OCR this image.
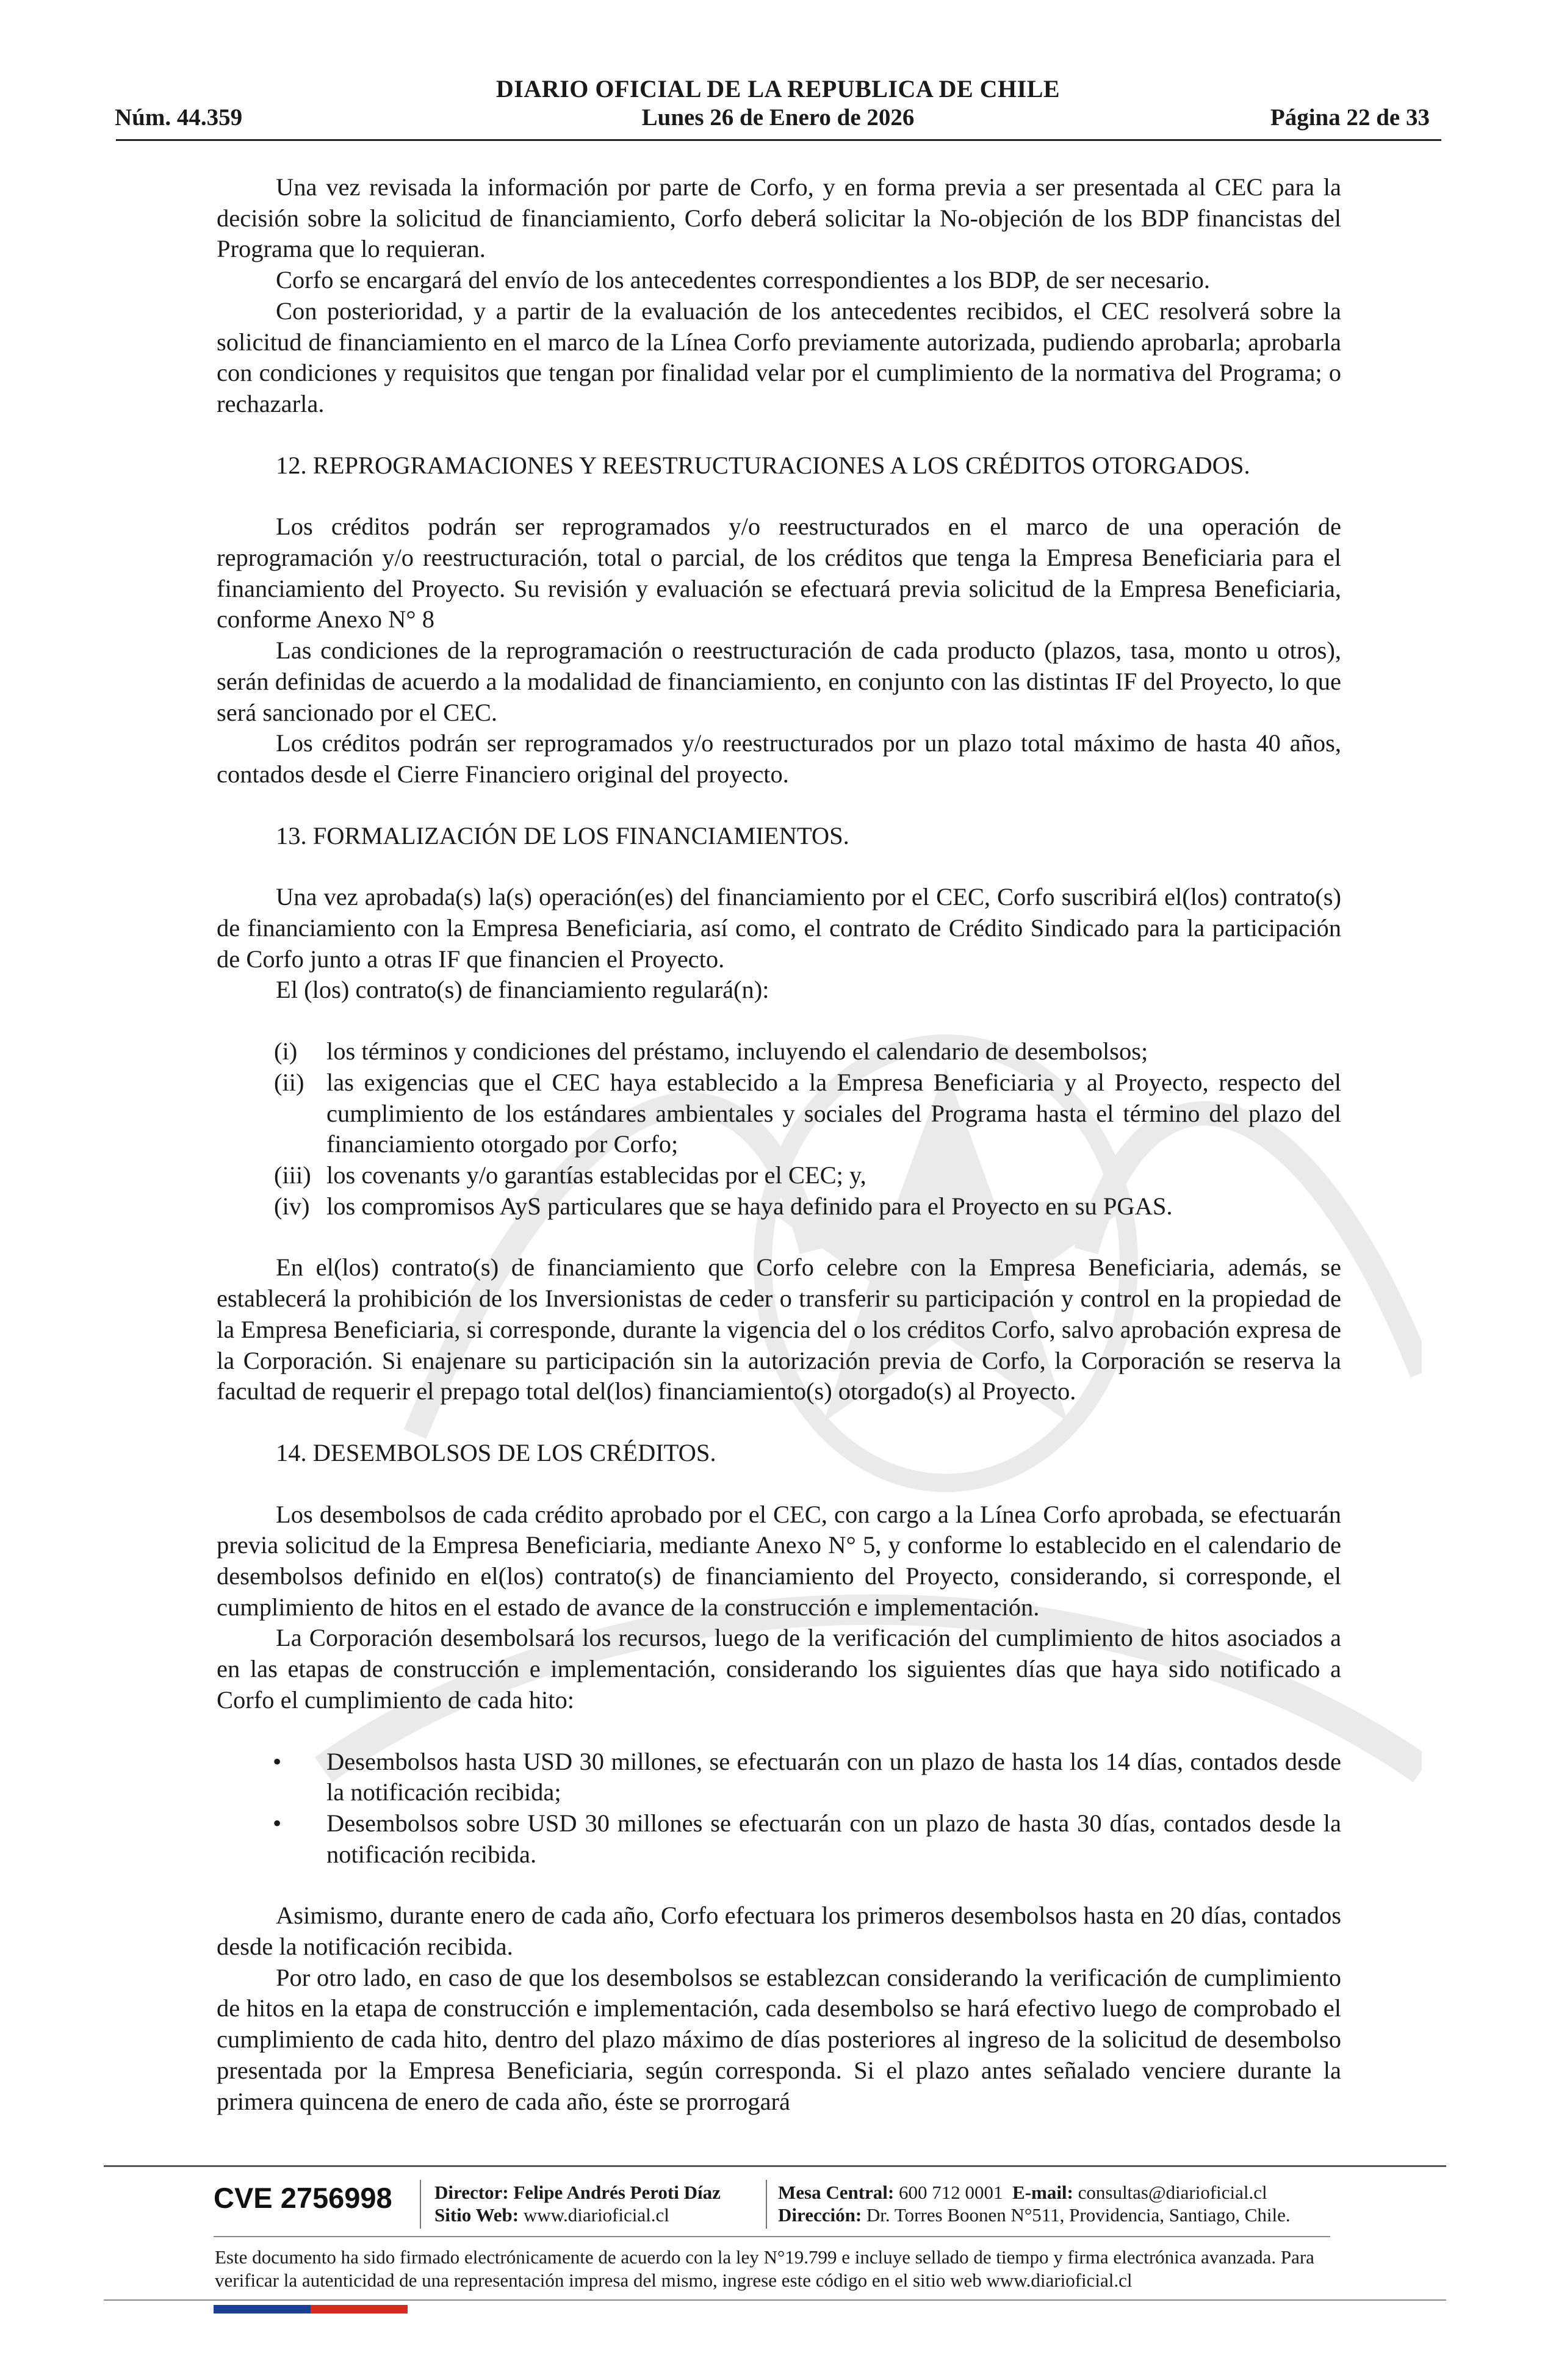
DIARIO OFICIAL DE LA REPUBLICA DE CHILE
Núm. 44.359	Lunes 26 de Enero de 2026	Página 22 de 33

Una vez revisada la información por parte de Corfo, y en forma previa a ser presentada al CEC para la decisión sobre la solicitud de financiamiento, Corfo deberá solicitar la No-objeción de los BDP financistas del Programa que lo requieran.

Corfo se encargará del envío de los antecedentes correspondientes a los BDP, de ser necesario.

Con posterioridad, y a partir de la evaluación de los antecedentes recibidos, el CEC resolverá sobre la solicitud de financiamiento en el marco de la Línea Corfo previamente autorizada, pudiendo aprobarla; aprobarla con condiciones y requisitos que tengan por finalidad velar por el cumplimiento de la normativa del Programa; o rechazarla.

12. REPROGRAMACIONES Y REESTRUCTURACIONES A LOS CRÉDITOS OTORGADOS.

Los créditos podrán ser reprogramados y/o reestructurados en el marco de una operación de reprogramación y/o reestructuración, total o parcial, de los créditos que tenga la Empresa Beneficiaria para el financiamiento del Proyecto. Su revisión y evaluación se efectuará previa solicitud de la Empresa Beneficiaria, conforme Anexo N° 8

Las condiciones de la reprogramación o reestructuración de cada producto (plazos, tasa, monto u otros), serán definidas de acuerdo a la modalidad de financiamiento, en conjunto con las distintas IF del Proyecto, lo que será sancionado por el CEC.

Los créditos podrán ser reprogramados y/o reestructurados por un plazo total máximo de hasta 40 años, contados desde el Cierre Financiero original del proyecto.

13. FORMALIZACIÓN DE LOS FINANCIAMIENTOS.

Una vez aprobada(s) la(s) operación(es) del financiamiento por el CEC, Corfo suscribirá el(los) contrato(s) de financiamiento con la Empresa Beneficiaria, así como, el contrato de Crédito Sindicado para la participación de Corfo junto a otras IF que financien el Proyecto.

El (los) contrato(s) de financiamiento regulará(n):

(i) los términos y condiciones del préstamo, incluyendo el calendario de desembolsos;
(ii) las exigencias que el CEC haya establecido a la Empresa Beneficiaria y al Proyecto, respecto del cumplimiento de los estándares ambientales y sociales del Programa hasta el término del plazo del financiamiento otorgado por Corfo;
(iii) los covenants y/o garantías establecidas por el CEC; y,
(iv) los compromisos AyS particulares que se haya definido para el Proyecto en su PGAS.

En el(los) contrato(s) de financiamiento que Corfo celebre con la Empresa Beneficiaria, además, se establecerá la prohibición de los Inversionistas de ceder o transferir su participación y control en la propiedad de la Empresa Beneficiaria, si corresponde, durante la vigencia del o los créditos Corfo, salvo aprobación expresa de la Corporación. Si enajenare su participación sin la autorización previa de Corfo, la Corporación se reserva la facultad de requerir el prepago total del(los) financiamiento(s) otorgado(s) al Proyecto.

14. DESEMBOLSOS DE LOS CRÉDITOS.

Los desembolsos de cada crédito aprobado por el CEC, con cargo a la Línea Corfo aprobada, se efectuarán previa solicitud de la Empresa Beneficiaria, mediante Anexo N° 5, y conforme lo establecido en el calendario de desembolsos definido en el(los) contrato(s) de financiamiento del Proyecto, considerando, si corresponde, el cumplimiento de hitos en el estado de avance de la construcción e implementación.

La Corporación desembolsará los recursos, luego de la verificación del cumplimiento de hitos asociados a en las etapas de construcción e implementación, considerando los siguientes días que haya sido notificado a Corfo el cumplimiento de cada hito:

• Desembolsos hasta USD 30 millones, se efectuarán con un plazo de hasta los 14 días, contados desde la notificación recibida;
• Desembolsos sobre USD 30 millones se efectuarán con un plazo de hasta 30 días, contados desde la notificación recibida.

Asimismo, durante enero de cada año, Corfo efectuara los primeros desembolsos hasta en 20 días, contados desde la notificación recibida.

Por otro lado, en caso de que los desembolsos se establezcan considerando la verificación de cumplimiento de hitos en la etapa de construcción e implementación, cada desembolso se hará efectivo luego de comprobado el cumplimiento de cada hito, dentro del plazo máximo de días posteriores al ingreso de la solicitud de desembolso presentada por la Empresa Beneficiaria, según corresponda. Si el plazo antes señalado venciere durante la primera quincena de enero de cada año, éste se prorrogará

CVE 2756998 Director: Felipe Andrés Peroti Díaz
Sitio Web: www.diarioficial.cl
Mesa Central: 600 712 0001 E-mail: consultas@diarioficial.cl
Dirección: Dr. Torres Boonen N°511, Providencia, Santiago, Chile.
Este documento ha sido firmado electrónicamente de acuerdo con la ley N°19.799 e incluye sellado de tiempo y firma electrónica avanzada. Para verificar la autenticidad de una representación impresa del mismo, ingrese este código en el sitio web www.diarioficial.cl
